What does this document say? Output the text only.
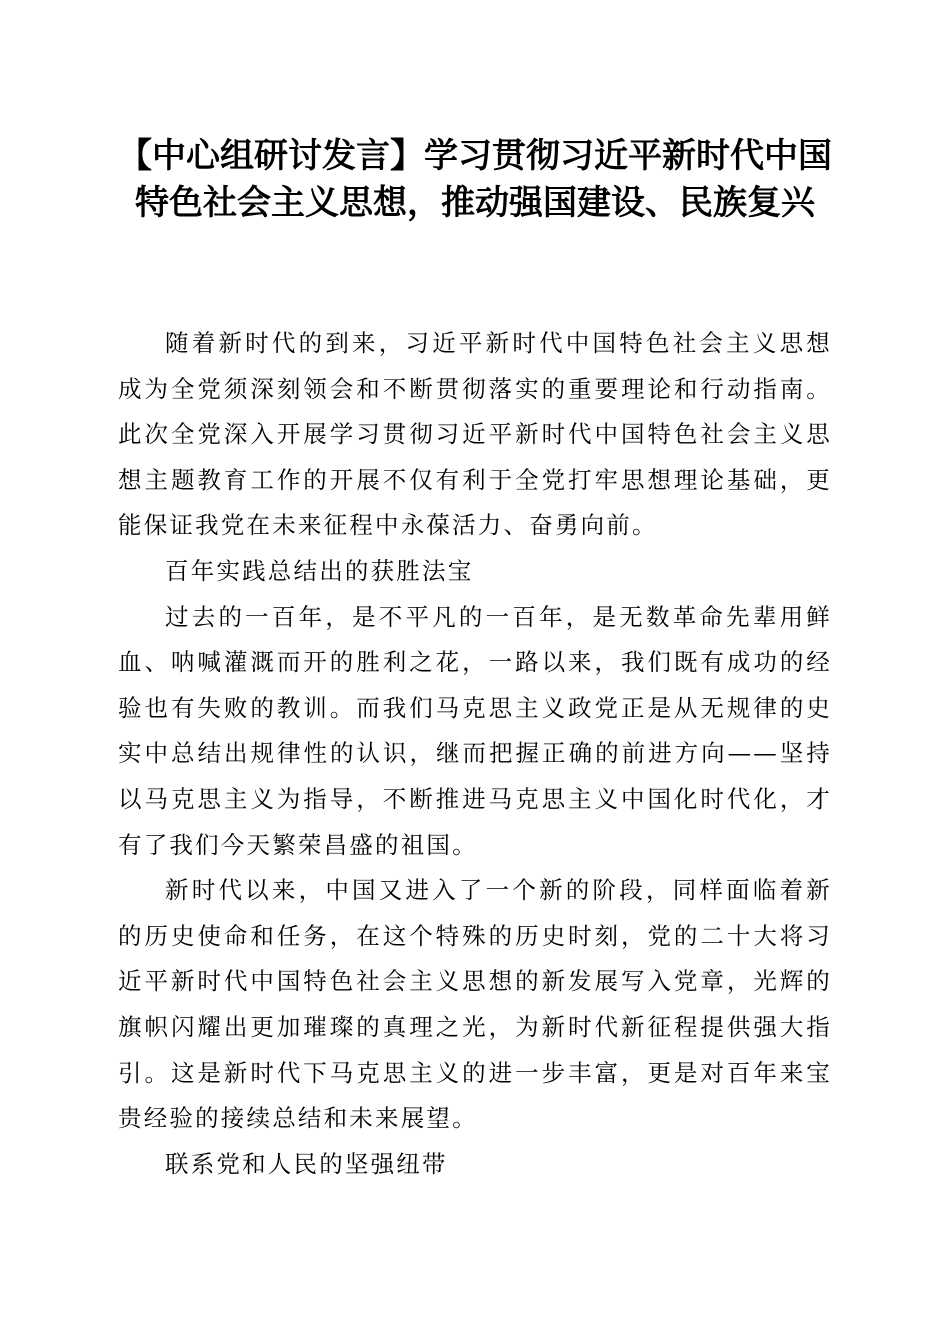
【中心组研讨发言】学习贯彻习近平新时代中国特色社会主义思想，推动强国建设、民族复兴

随着新时代的到来，习近平新时代中国特色社会主义思想成为全党须深刻领会和不断贯彻落实的重要理论和行动指南。此次全党深入开展学习贯彻习近平新时代中国特色社会主义思想主题教育工作的开展不仅有利于全党打牢思想理论基础，更能保证我党在未来征程中永葆活力、奋勇向前。

百年实践总结出的获胜法宝

过去的一百年，是不平凡的一百年，是无数革命先辈用鲜血、呐喊灌溉而开的胜利之花，一路以来，我们既有成功的经验也有失败的教训。而我们马克思主义政党正是从无规律的史实中总结出规律性的认识，继而把握正确的前进方向——坚持以马克思主义为指导，不断推进马克思主义中国化时代化，才有了我们今天繁荣昌盛的祖国。

新时代以来，中国又进入了一个新的阶段，同样面临着新的历史使命和任务，在这个特殊的历史时刻，党的二十大将习近平新时代中国特色社会主义思想的新发展写入党章，光辉的旗帜闪耀出更加璀璨的真理之光，为新时代新征程提供强大指引。这是新时代下马克思主义的进一步丰富，更是对百年来宝贵经验的接续总结和未来展望。

联系党和人民的坚强纽带
